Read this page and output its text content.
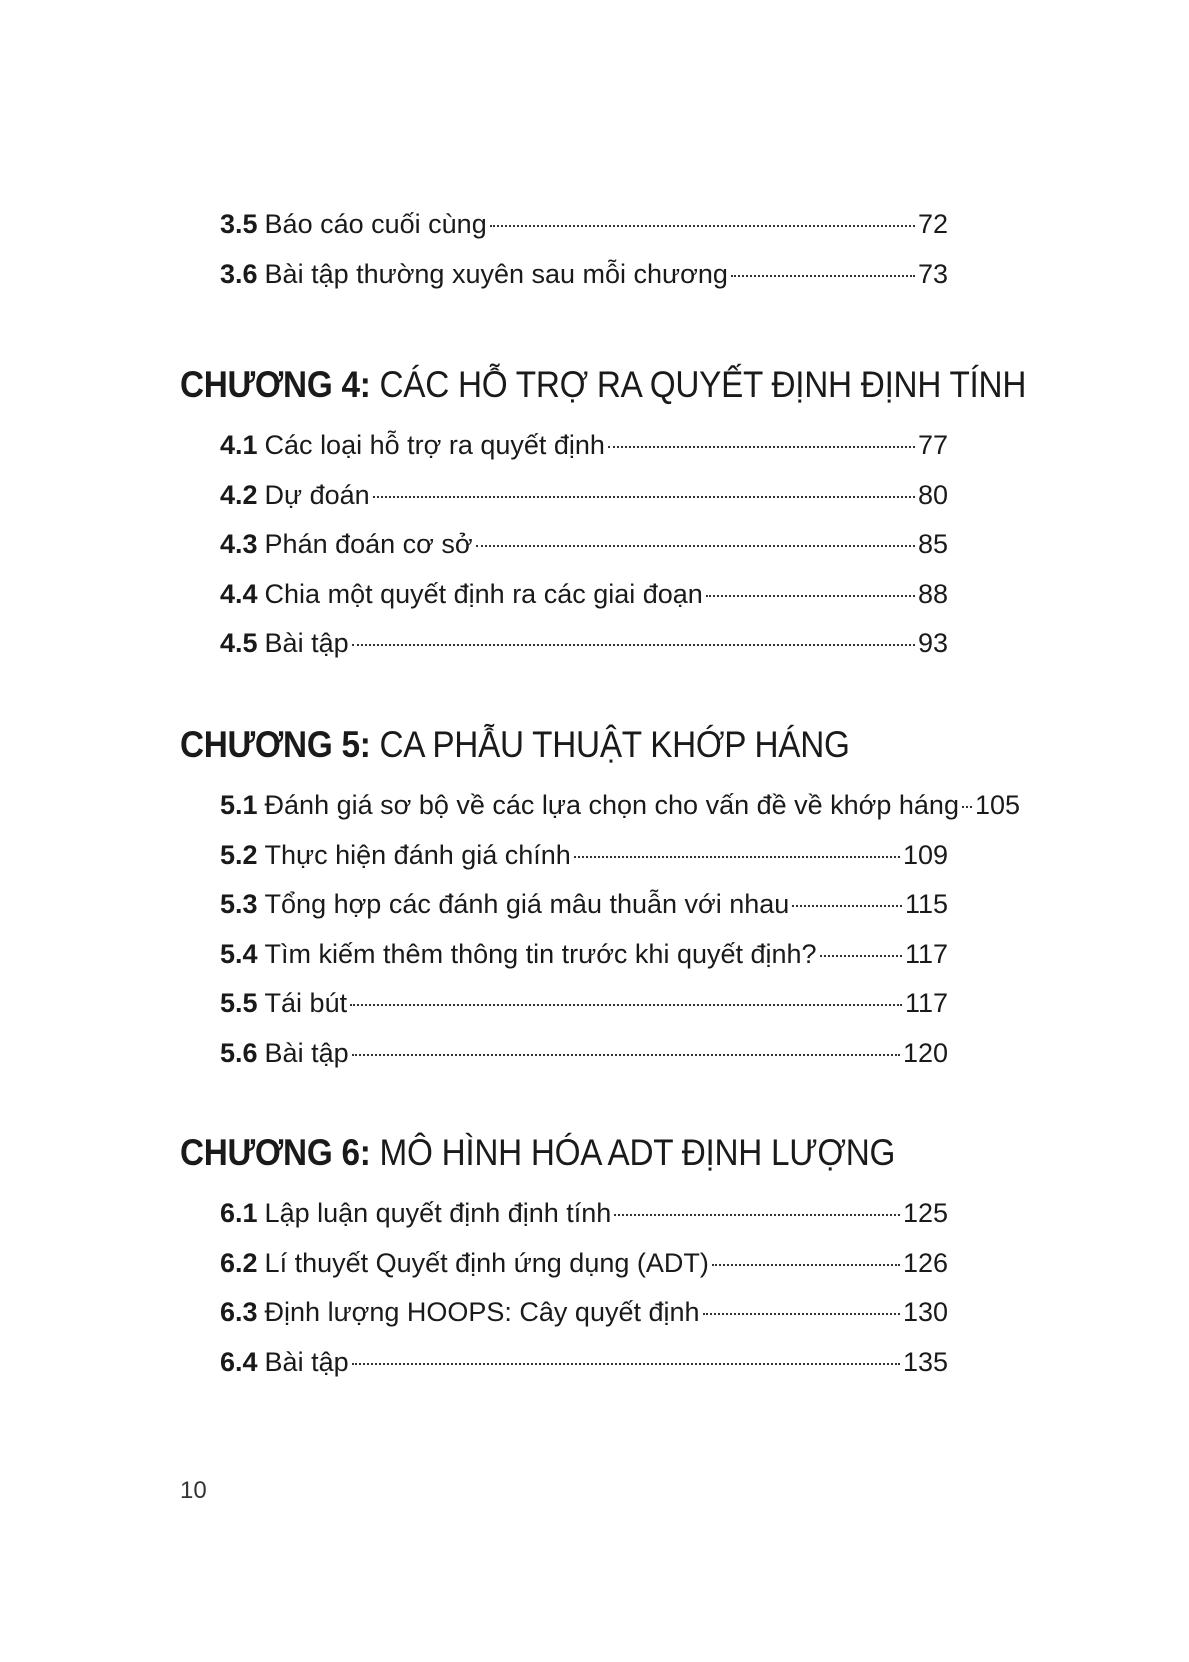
3.5 Báo cáo cuối cùng	72
3.6 Bài tập thường xuyên sau mỗi chương	73
CHƯƠNG 4: CÁC HỖ TRỢ RA QUYẾT ĐỊNH ĐỊNH TÍNH
4.1 Các loại hỗ trợ ra quyết định	77
4.2 Dự đoán	80
4.3 Phán đoán cơ sở	85
4.4 Chia một quyết định ra các giai đoạn	88
4.5 Bài tập	93
CHƯƠNG 5: CA PHẪU THUẬT KHỚP HÁNG
5.1 Đánh giá sơ bộ về các lựa chọn cho vấn đề về khớp háng 105
5.2 Thực hiện đánh giá chính	109
5.3 Tổng hợp các đánh giá mâu thuẫn với nhau	115
5.4 Tìm kiếm thêm thông tin trước khi quyết định?	117
5.5 Tái bút	117
5.6 Bài tập	120
CHƯƠNG 6: MÔ HÌNH HÓA ADT ĐỊNH LƯỢNG
6.1 Lập luận quyết định định tính	125
6.2 Lí thuyết Quyết định ứng dụng (ADT)	126
6.3 Định lượng HOOPS: Cây quyết định	130
6.4 Bài tập	135
10
